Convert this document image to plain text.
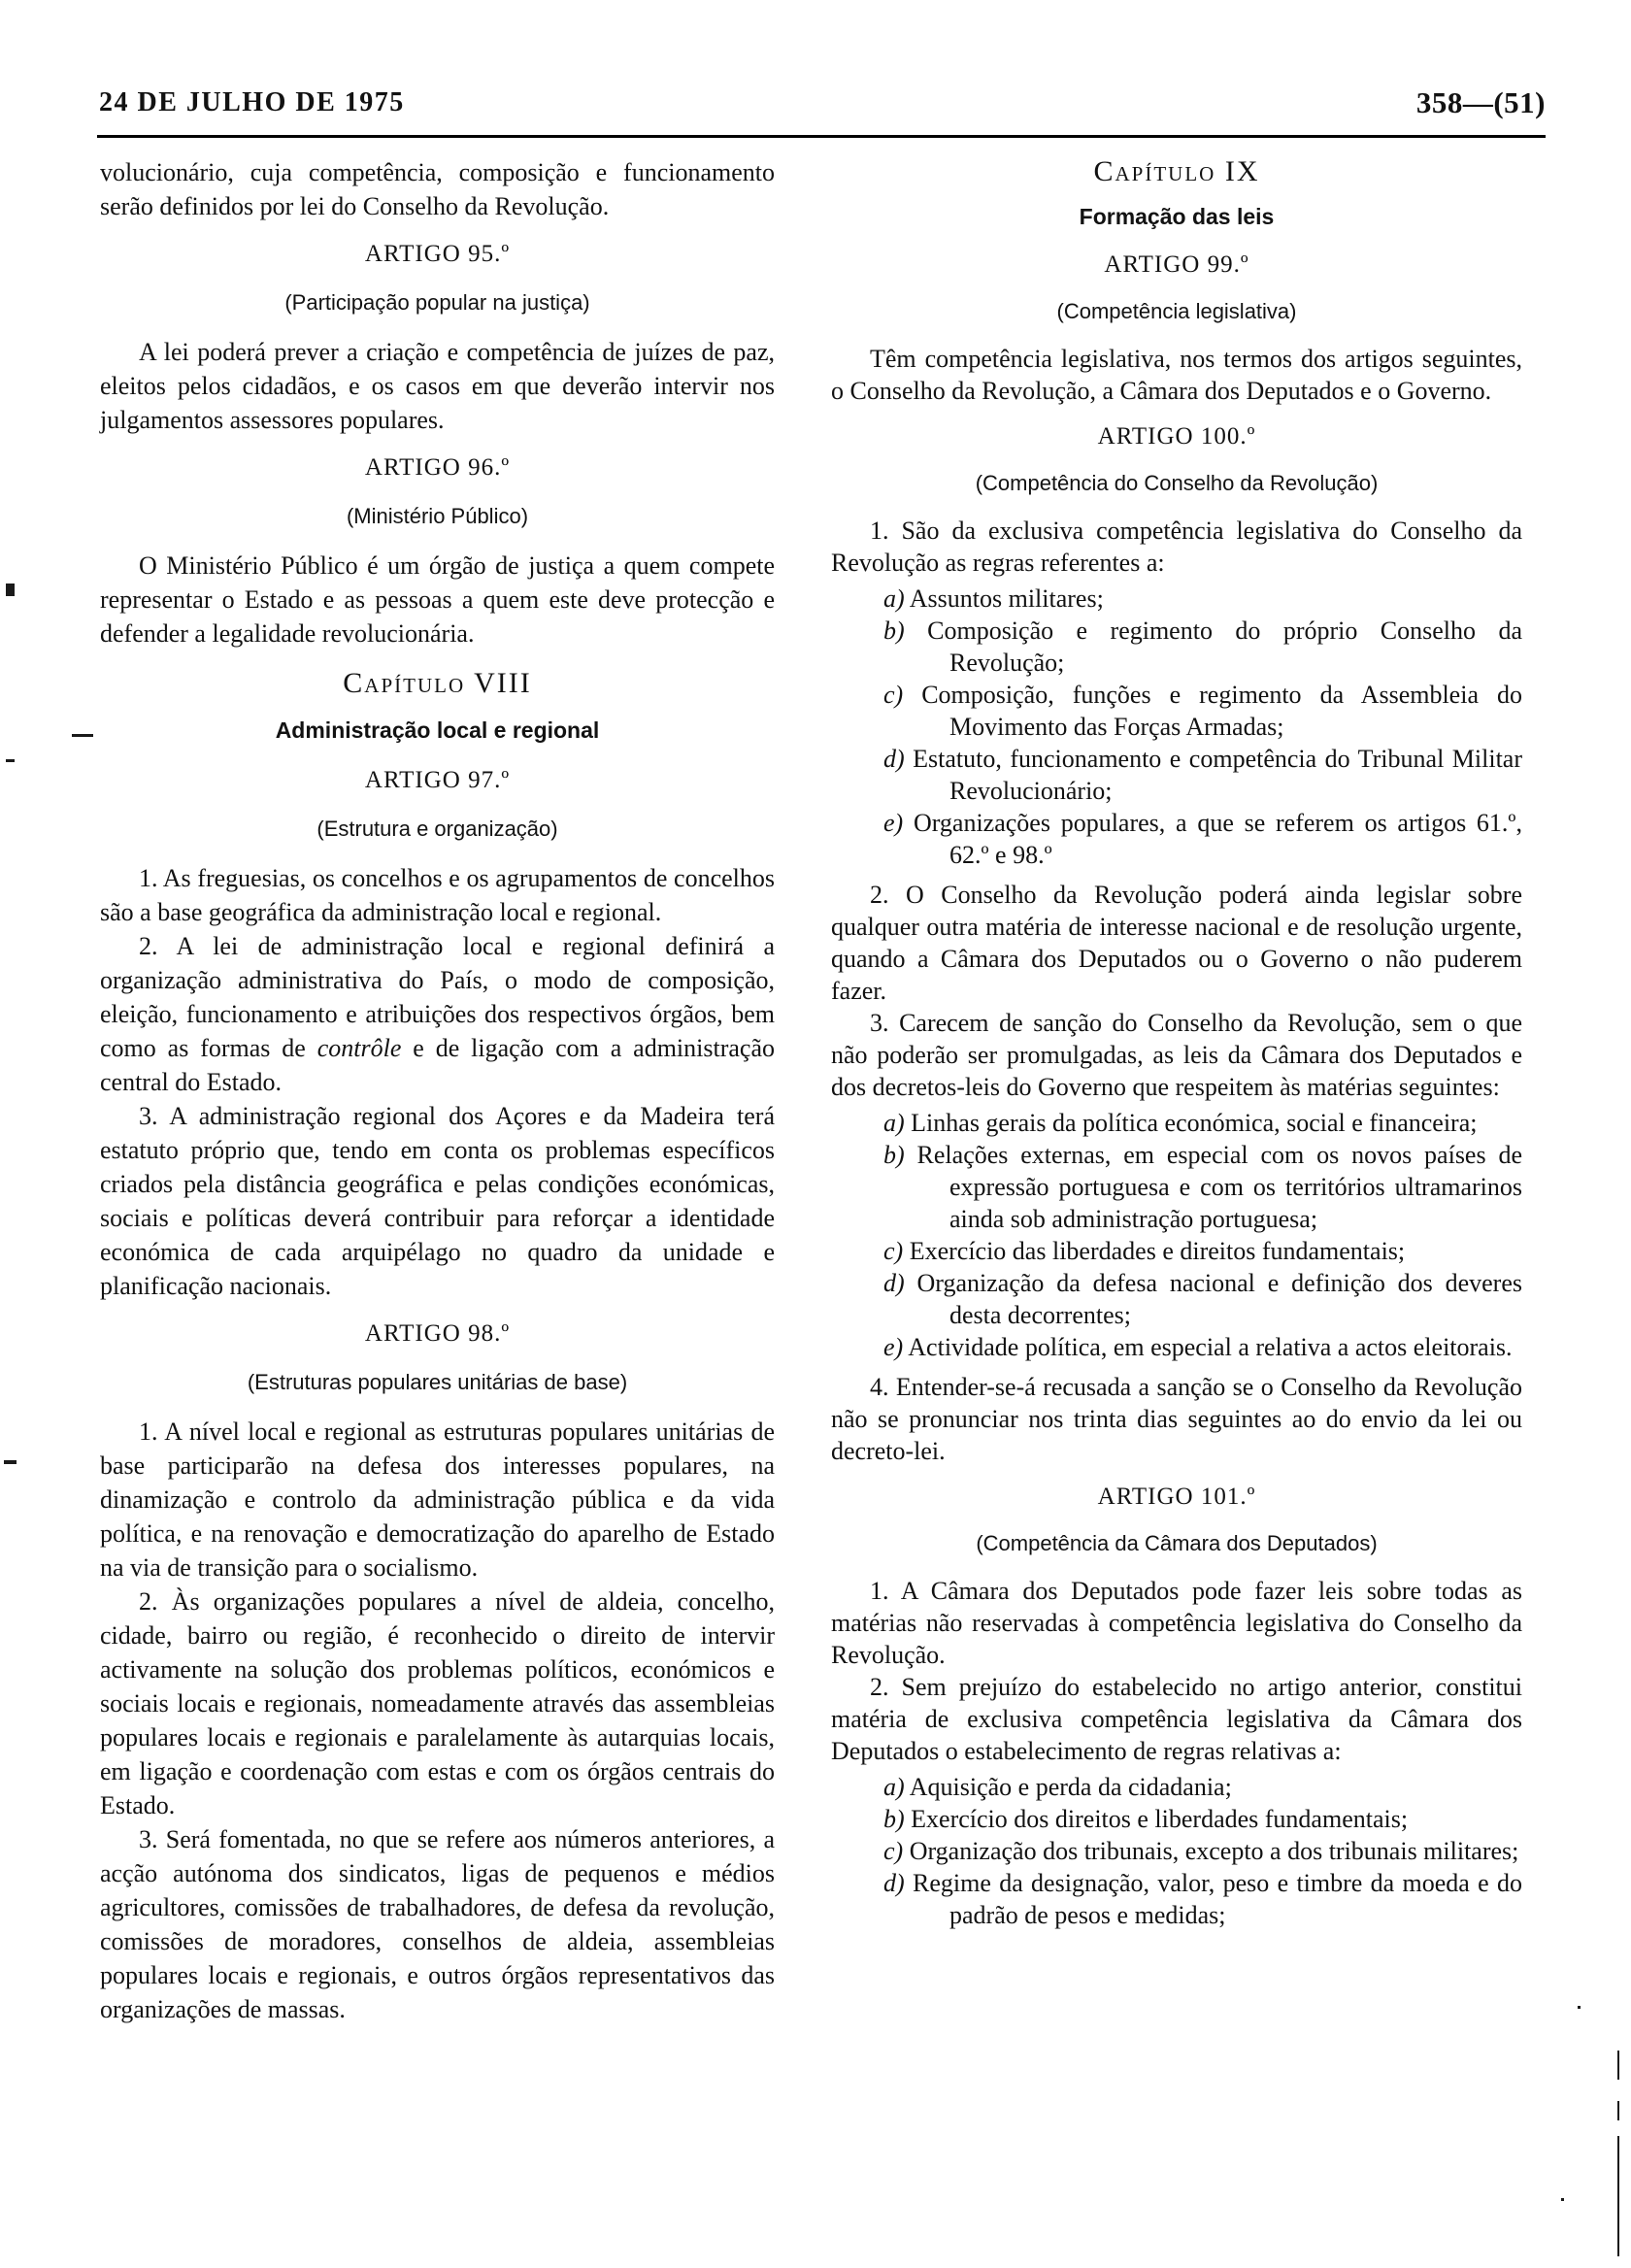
24 DE JULHO DE 1975	358—(51)
volucionário, cuja competência, composição e funcionamento serão definidos por lei do Conselho da Revolução.
ARTIGO 95.º
(Participação popular na justiça)
A lei poderá prever a criação e competência de juízes de paz, eleitos pelos cidadãos, e os casos em que deverão intervir nos julgamentos assessores populares.
ARTIGO 96.º
(Ministério Público)
O Ministério Público é um órgão de justiça a quem compete representar o Estado e as pessoas a quem este deve protecção e defender a legalidade revolucionária.
Capítulo VIII
Administração local e regional
ARTIGO 97.º
(Estrutura e organização)
1. As freguesias, os concelhos e os agrupamentos de concelhos são a base geográfica da administração local e regional.
2. A lei de administração local e regional definirá a organização administrativa do País, o modo de composição, eleição, funcionamento e atribuições dos respectivos órgãos, bem como as formas de contrôle e de ligação com a administração central do Estado.
3. A administração regional dos Açores e da Madeira terá estatuto próprio que, tendo em conta os problemas específicos criados pela distância geográfica e pelas condições económicas, sociais e políticas deverá contribuir para reforçar a identidade económica de cada arquipélago no quadro da unidade e planificação nacionais.
ARTIGO 98.º
(Estruturas populares unitárias de base)
1. A nível local e regional as estruturas populares unitárias de base participarão na defesa dos interesses populares, na dinamização e controlo da administração pública e da vida política, e na renovação e democratização do aparelho de Estado na via de transição para o socialismo.
2. Às organizações populares a nível de aldeia, concelho, cidade, bairro ou região, é reconhecido o direito de intervir activamente na solução dos problemas políticos, económicos e sociais locais e regionais, nomeadamente através das assembleias populares locais e regionais e paralelamente às autarquias locais, em ligação e coordenação com estas e com os órgãos centrais do Estado.
3. Será fomentada, no que se refere aos números anteriores, a acção autónoma dos sindicatos, ligas de pequenos e médios agricultores, comissões de trabalhadores, de defesa da revolução, comissões de moradores, conselhos de aldeia, assembleias populares locais e regionais, e outros órgãos representativos das organizações de massas.
Capítulo IX
Formação das leis
ARTIGO 99.º
(Competência legislativa)
Têm competência legislativa, nos termos dos artigos seguintes, o Conselho da Revolução, a Câmara dos Deputados e o Governo.
ARTIGO 100.º
(Competência do Conselho da Revolução)
1. São da exclusiva competência legislativa do Conselho da Revolução as regras referentes a:
a) Assuntos militares;
b) Composição e regimento do próprio Conselho da Revolução;
c) Composição, funções e regimento da Assembleia do Movimento das Forças Armadas;
d) Estatuto, funcionamento e competência do Tribunal Militar Revolucionário;
e) Organizações populares, a que se referem os artigos 61.º, 62.º e 98.º
2. O Conselho da Revolução poderá ainda legislar sobre qualquer outra matéria de interesse nacional e de resolução urgente, quando a Câmara dos Deputados ou o Governo o não puderem fazer.
3. Carecem de sanção do Conselho da Revolução, sem o que não poderão ser promulgadas, as leis da Câmara dos Deputados e dos decretos-leis do Governo que respeitem às matérias seguintes:
a) Linhas gerais da política económica, social e financeira;
b) Relações externas, em especial com os novos países de expressão portuguesa e com os territórios ultramarinos ainda sob administração portuguesa;
c) Exercício das liberdades e direitos fundamentais;
d) Organização da defesa nacional e definição dos deveres desta decorrentes;
e) Actividade política, em especial a relativa a actos eleitorais.
4. Entender-se-á recusada a sanção se o Conselho da Revolução não se pronunciar nos trinta dias seguintes ao do envio da lei ou decreto-lei.
ARTIGO 101.º
(Competência da Câmara dos Deputados)
1. A Câmara dos Deputados pode fazer leis sobre todas as matérias não reservadas à competência legislativa do Conselho da Revolução.
2. Sem prejuízo do estabelecido no artigo anterior, constitui matéria de exclusiva competência legislativa da Câmara dos Deputados o estabelecimento de regras relativas a:
a) Aquisição e perda da cidadania;
b) Exercício dos direitos e liberdades fundamentais;
c) Organização dos tribunais, excepto a dos tribunais militares;
d) Regime da designação, valor, peso e timbre da moeda e do padrão de pesos e medidas;
